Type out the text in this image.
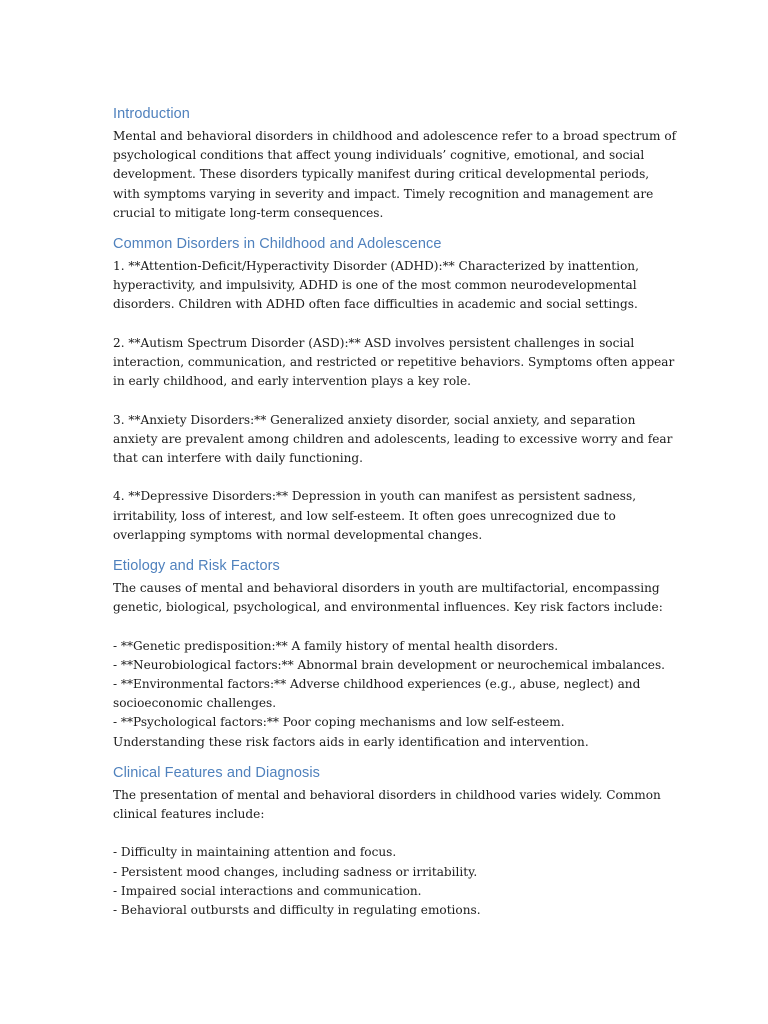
Introduction

Mental and behavioral disorders in childhood and adolescence refer to a broad spectrum of
psychological conditions that affect young individuals’ cognitive, emotional, and social
development. These disorders typically manifest during critical developmental periods,
with symptoms varying in severity and impact. Timely recognition and management are
crucial to mitigate long-term consequences.

Common Disorders in Childhood and Adolescence

1. **Attention-Deficit/Hyperactivity Disorder (ADHD):** Characterized by inattention,
hyperactivity, and impulsivity, ADHD is one of the most common neurodevelopmental
disorders. Children with ADHD often face difficulties in academic and social settings.

2. **Autism Spectrum Disorder (ASD):** ASD involves persistent challenges in social
interaction, communication, and restricted or repetitive behaviors. Symptoms often appear
in early childhood, and early intervention plays a key role.

3. **Anxiety Disorders:** Generalized anxiety disorder, social anxiety, and separation
anxiety are prevalent among children and adolescents, leading to excessive worry and fear
that can interfere with daily functioning.

4. **Depressive Disorders:** Depression in youth can manifest as persistent sadness,
irritability, loss of interest, and low self-esteem. It often goes unrecognized due to
overlapping symptoms with normal developmental changes.

Etiology and Risk Factors

The causes of mental and behavioral disorders in youth are multifactorial, encompassing
genetic, biological, psychological, and environmental influences. Key risk factors include:

- **Genetic predisposition:** A family history of mental health disorders.
- **Neurobiological factors:** Abnormal brain development or neurochemical imbalances.
- **Environmental factors:** Adverse childhood experiences (e.g., abuse, neglect) and
socioeconomic challenges.
- **Psychological factors:** Poor coping mechanisms and low self-esteem.
Understanding these risk factors aids in early identification and intervention.

Clinical Features and Diagnosis

The presentation of mental and behavioral disorders in childhood varies widely. Common
clinical features include:

- Difficulty in maintaining attention and focus.
- Persistent mood changes, including sadness or irritability.
- Impaired social interactions and communication.
- Behavioral outbursts and difficulty in regulating emotions.
